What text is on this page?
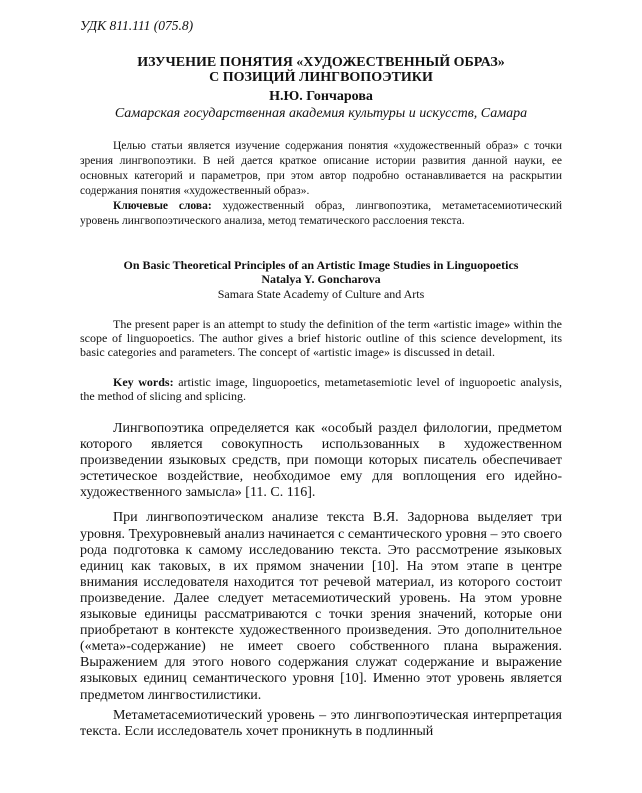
УДК 811.111 (075.8)
ИЗУЧЕНИЕ ПОНЯТИЯ «ХУДОЖЕСТВЕННЫЙ ОБРАЗ»
С ПОЗИЦИЙ ЛИНГВОПОЭТИКИ
Н.Ю. Гончарова
Самарская государственная академия культуры и искусств, Самара

Целью статьи является изучение содержания понятия «художественный образ» с точки зрения лингвопоэтики. В ней дается краткое описание истории развития данной науки, ее основных категорий и параметров, при этом автор подробно останавливается на раскрытии содержания понятия «художественный образ».

Ключевые слова: художественный образ, лингвопоэтика, метаметасемиотический уровень лингвопоэтического анализа, метод тематического расслоения текста.

On Basic Theoretical Principles of an Artistic Image Studies in Linguopoetics
Natalya Y. Goncharova
Samara State Academy of Culture and Arts

The present paper is an attempt to study the definition of the term «artistic image» within the scope of linguopoetics. The author gives a brief historic outline of this science development, its basic categories and parameters. The concept of «artistic image» is discussed in detail.

Key words: artistic image, linguopoetics, metametasemiotic level of inguopoetic analysis, the method of slicing and splicing.

Лингвопоэтика определяется как «особый раздел филологии, предметом которого является совокупность использованных в художественном произведении языковых средств, при помощи которых писатель обеспечивает эстетическое воздействие, необходимое ему для воплощения его идейно-художественного замысла» [11. С. 116].

При лингвопоэтическом анализе текста В.Я. Задорнова выделяет три уровня. Трехуровневый анализ начинается с семантического уровня – это своего рода подготовка к самому исследованию текста. Это рассмотрение языковых единиц как таковых, в их прямом значении [10]. На этом этапе в центре внимания исследователя находится тот речевой материал, из которого состоит произведение. Далее следует метасемиотический уровень. На этом уровне языковые единицы рассматриваются с точки зрения значений, которые они приобретают в контексте художественного произведения. Это дополнительное («мета»-содержание) не имеет своего собственного плана выражения. Выражением для этого нового содержания служат содержание и выражение языковых единиц семантического уровня [10]. Именно этот уровень является предметом лингвостилистики.

Метаметасемиотический уровень – это лингвопоэтическая интерпретация текста. Если исследователь хочет проникнуть в подлинный
